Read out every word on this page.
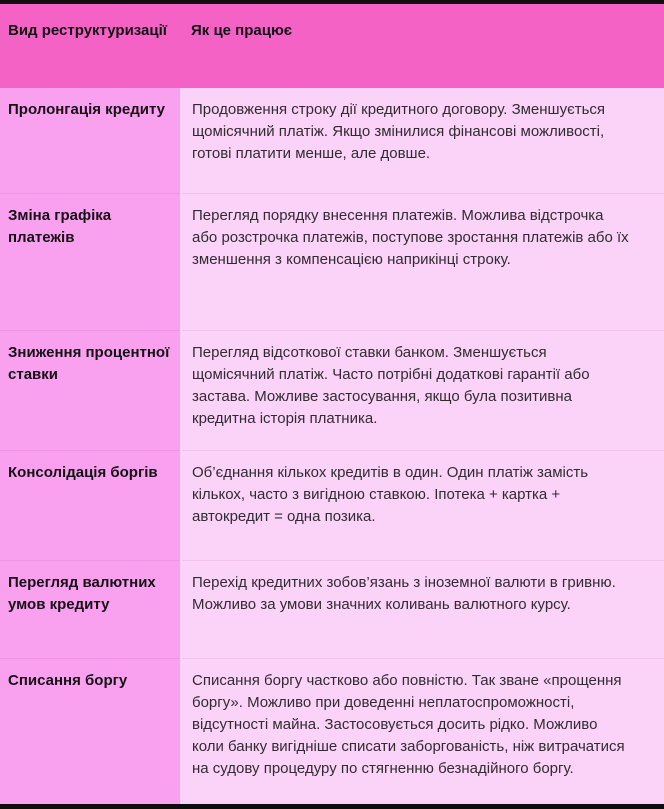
Вид реструктуризації	Як це працює
Пролонгація кредиту	Продовження строку дії кредитного договору. Зменшується щомісячний платіж. Якщо змінилися фінансові можливості, готові платити менше, але довше.
Зміна графіка платежів	Перегляд порядку внесення платежів. Можлива відстрочка або розстрочка платежів, поступове зростання платежів або їх зменшення з компенсацією наприкінці строку.
Зниження процентної ставки	Перегляд відсоткової ставки банком. Зменшується щомісячний платіж. Часто потрібні додаткові гарантії або застава. Можливе застосування, якщо була позитивна кредитна історія платника.
Консолідація боргів	Об’єднання кількох кредитів в один. Один платіж замість кількох, часто з вигідною ставкою. Іпотека + картка + автокредит = одна позика.
Перегляд валютних умов кредиту	Перехід кредитних зобов’язань з іноземної валюти в гривню. Можливо за умови значних коливань валютного курсу.
Списання боргу	Списання боргу частково або повністю. Так зване «прощення боргу». Можливо при доведенні неплатоспроможності, відсутності майна. Застосовується досить рідко. Можливо коли банку вигідніше списати заборгованість, ніж витрачатися на судову процедуру по стягненню безнадійного боргу.
